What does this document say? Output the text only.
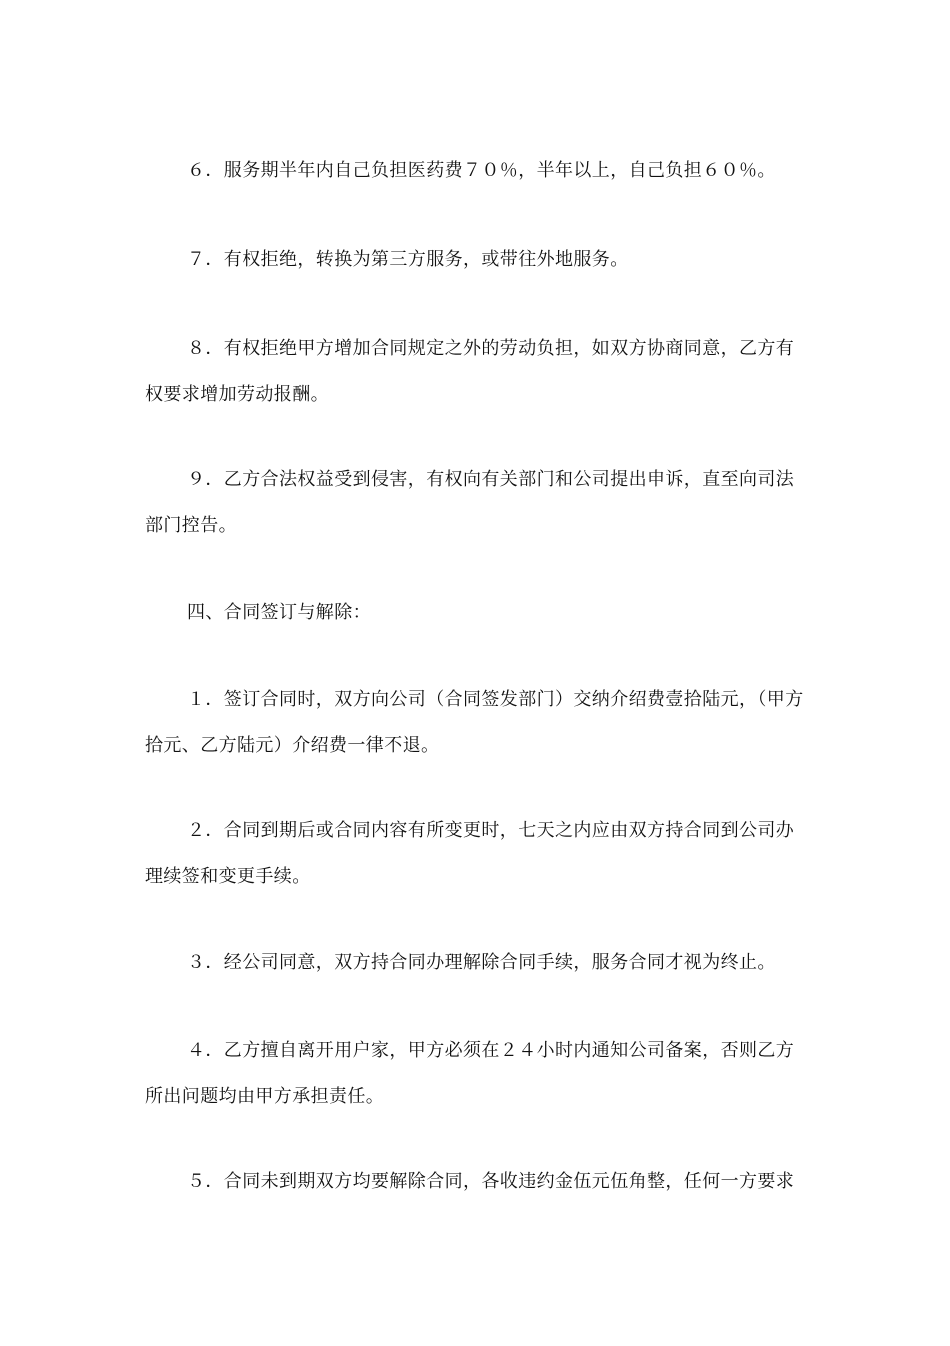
６．服务期半年内自己负担医药费７０％，半年以上，自己负担６０％。
７．有权拒绝，转换为第三方服务，或带往外地服务。
８．有权拒绝甲方增加合同规定之外的劳动负担，如双方协商同意，乙方有
权要求增加劳动报酬。
９．乙方合法权益受到侵害，有权向有关部门和公司提出申诉，直至向司法
部门控告。
四、合同签订与解除：
１．签订合同时，双方向公司（合同签发部门）交纳介绍费壹拾陆元，（甲方
拾元、乙方陆元）介绍费一律不退。
２．合同到期后或合同内容有所变更时，七天之内应由双方持合同到公司办
理续签和变更手续。
３．经公司同意，双方持合同办理解除合同手续，服务合同才视为终止。
４．乙方擅自离开用户家，甲方必须在２４小时内通知公司备案，否则乙方
所出问题均由甲方承担责任。
５．合同未到期双方均要解除合同，各收违约金伍元伍角整，任何一方要求
